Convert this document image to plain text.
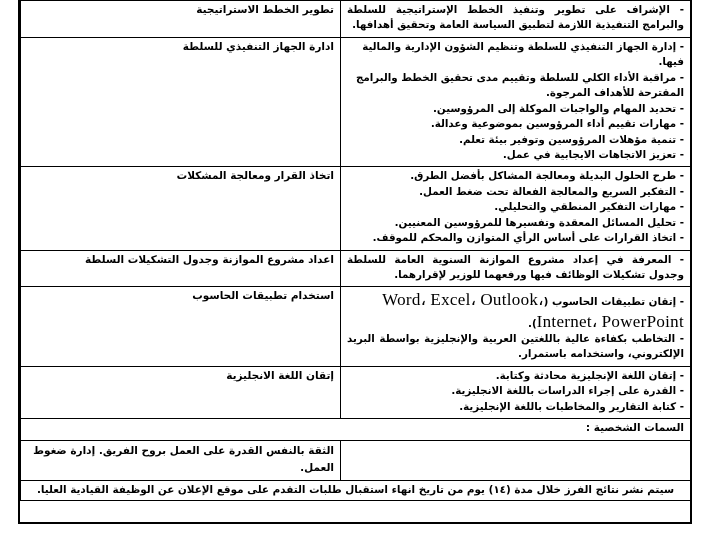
- الإشراف على تطوير وتنفيذ الخطط الإستراتيجية للسلطة والبرامج التنفيذية اللازمة لتطبيق السياسة العامة وتحقيق أهدافها.	تطوير الخطط الاستراتيجية

- إدارة الجهاز التنفيذي للسلطة وتنظيم الشؤون الإدارية والمالية فيها.
- مراقبة الأداء الكلي للسلطة وتقييم مدى تحقيق الخطط والبرامج المقترحة للأهداف المرجوة.
- تحديد المهام والواجبات الموكلة إلى المرؤوسين.
- مهارات تقييم أداء المرؤوسين بموضوعية وعدالة.
- تنمية مؤهلات المرؤوسين وتوفير بيئة تعلم.
- تعزيز الاتجاهات الايجابية في عمل.
	ادارة الجهاز التنفيذي للسلطة

- طرح الحلول البديلة ومعالجة المشاكل بأفضل الطرق.
- التفكير السريع والمعالجة الفعالة تحت ضغط العمل.
- مهارات التفكير المنطقي والتحليلي.
- تحليل المسائل المعقدة وتفسيرها للمرؤوسين المعنيين.
- اتخاذ القرارات على أساس الرأي المتوازن والمحكم للموقف.	اتخاذ القرار ومعالجة المشكلات

- المعرفة في إعداد مشروع الموازنة السنوية العامة للسلطة وجدول تشكيلات الوظائف فيها ورفعهما للوزير لإقرارهما.	اعداد مشروع الموازنة وجدول التشكيلات السلطة

- إتقان تطبيقات الحاسوب (Word، Excel، Outlook،
Internet، PowerPoint).
- التخاطب بكفاءة عالية باللغتين العربية والإنجليزية بواسطة البريد الإلكتروني، واستخدامه باستمرار.	استخدام تطبيقات الحاسوب

- إتقان اللغة الإنجليزية محادثة وكتابة.
- القدرة على إجراء الدراسات باللغة الانجليزية.
- كتابة التقارير والمخاطبات باللغة الإنجليزية.	إتقان اللغة الانجليزية
السمات الشخصية :	
	الثقة بالنفس القدرة على العمل بروح الفريق. إدارة ضغوط العمل.
سيتم نشر نتائج الفرز خلال مدة (١٤) يوم من تاريخ انهاء استقبال طلبات التقدم على موقع الإعلان عن الوظيفة القيادية العليا.	
